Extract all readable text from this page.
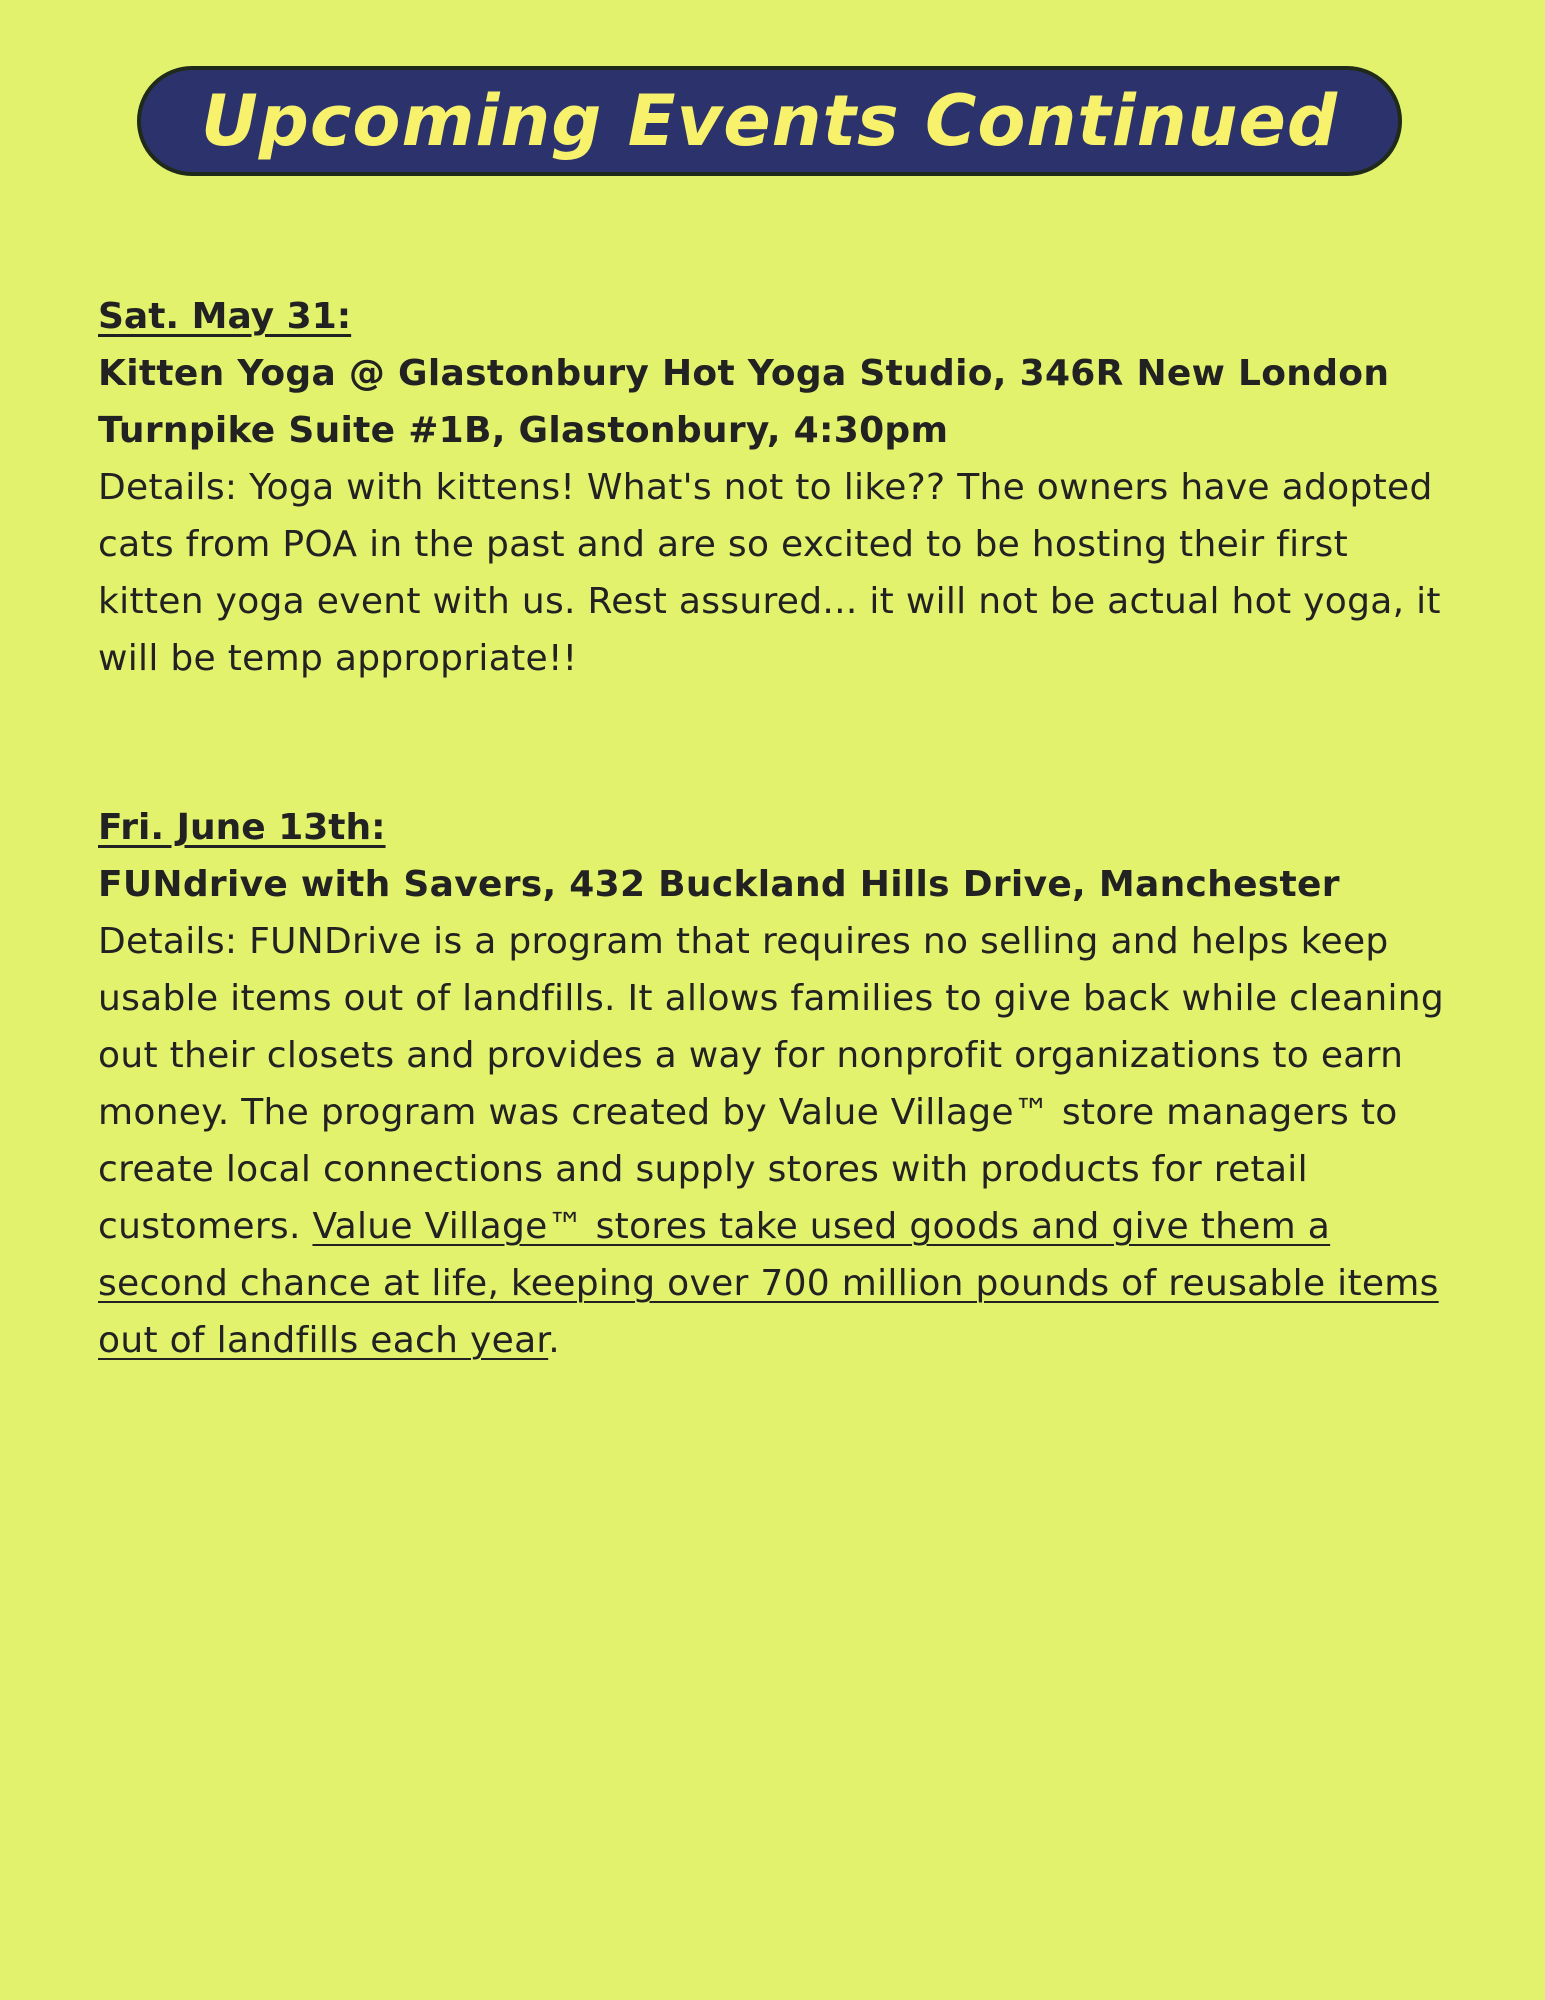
Upcoming Events Continued
Sat. May 31:
Kitten Yoga @ Glastonbury Hot Yoga Studio, 346R New London Turnpike Suite #1B, Glastonbury, 4:30pm
Details: Yoga with kittens! What's not to like?? The owners have adopted cats from POA in the past and are so excited to be hosting their first kitten yoga event with us. Rest assured... it will not be actual hot yoga, it will be temp appropriate!!
Fri. June 13th:
FUNdrive with Savers, 432 Buckland Hills Drive, Manchester
Details: FUNDrive is a program that requires no selling and helps keep usable items out of landfills. It allows families to give back while cleaning out their closets and provides a way for nonprofit organizations to earn money. The program was created by Value Village™ store managers to create local connections and supply stores with products for retail customers. Value Village™ stores take used goods and give them a second chance at life, keeping over 700 million pounds of reusable items out of landfills each year.
